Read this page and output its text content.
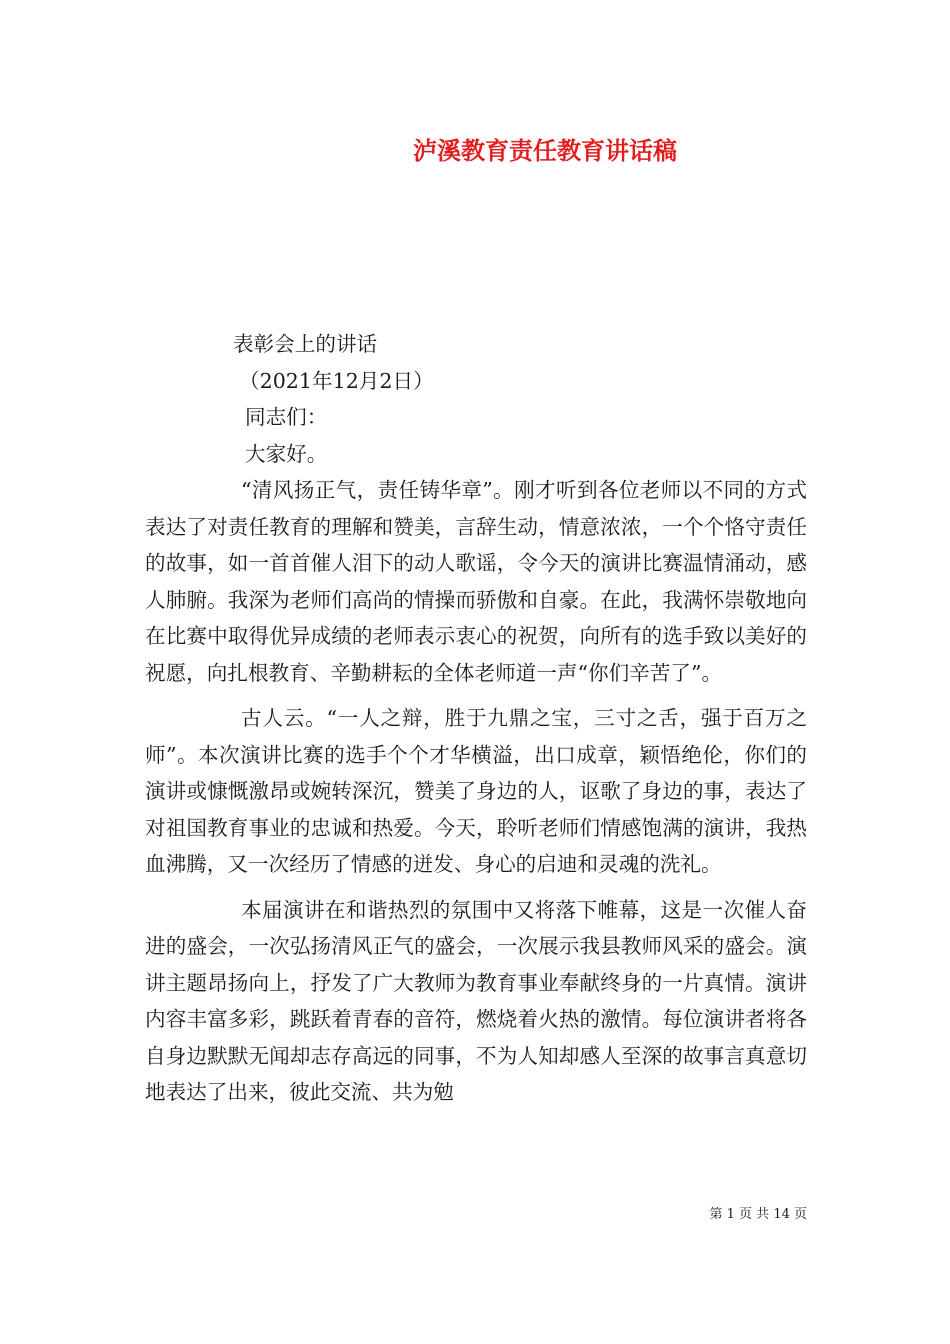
泸溪教育责任教育讲话稿

表彰会上的讲话

（2021年12月2日）

同志们：

大家好。

“清风扬正气，责任铸华章”。刚才听到各位老师以不同的方式表达了对责任教育的理解和赞美，言辞生动，情意浓浓，一个个恪守责任的故事，如一首首催人泪下的动人歌谣，令今天的演讲比赛温情涌动，感人肺腑。我深为老师们高尚的情操而骄傲和自豪。在此，我满怀崇敬地向在比赛中取得优异成绩的老师表示衷心的祝贺，向所有的选手致以美好的祝愿，向扎根教育、辛勤耕耘的全体老师道一声“你们辛苦了”。

古人云。“一人之辩，胜于九鼎之宝，三寸之舌，强于百万之师”。本次演讲比赛的选手个个才华横溢，出口成章，颖悟绝伦，你们的演讲或慷慨激昂或婉转深沉，赞美了身边的人，讴歌了身边的事，表达了对祖国教育事业的忠诚和热爱。今天，聆听老师们情感饱满的演讲，我热血沸腾，又一次经历了情感的迸发、身心的启迪和灵魂的洗礼。

本届演讲在和谐热烈的氛围中又将落下帷幕，这是一次催人奋进的盛会，一次弘扬清风正气的盛会，一次展示我县教师风采的盛会。演讲主题昂扬向上，抒发了广大教师为教育事业奉献终身的一片真情。演讲内容丰富多彩，跳跃着青春的音符，燃烧着火热的激情。每位演讲者将各自身边默默无闻却志存高远的同事，不为人知却感人至深的故事言真意切地表达了出来，彼此交流、共为勉

第 1 页 共 14 页
